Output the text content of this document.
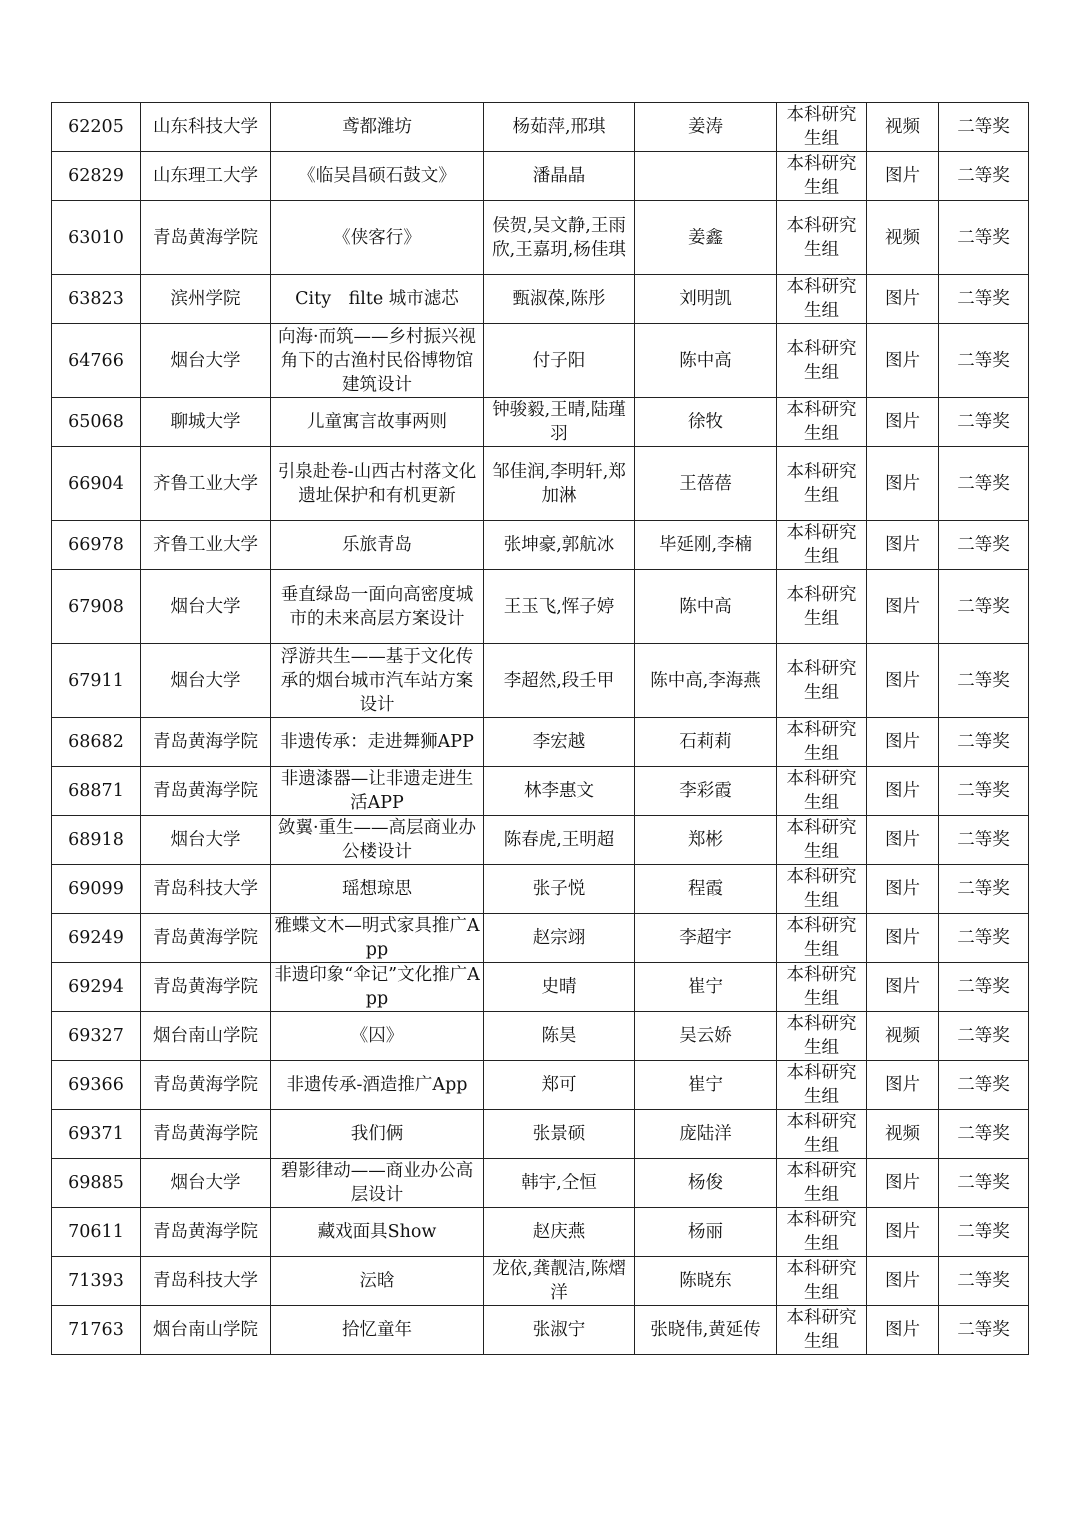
62205	山东科技大学	鸢都潍坊	杨茹萍,邢琪	姜涛	本科研究生组	视频	二等奖
62829	山东理工大学	《临吴昌硕石鼓文》	潘晶晶		本科研究生组	图片	二等奖
63010	青岛黄海学院	《侠客行》	侯贺,吴文静,王雨欣,王嘉玥,杨佳琪	姜鑫	本科研究生组	视频	二等奖
63823	滨州学院	City　filte 城市滤芯	甄淑葆,陈彤	刘明凯	本科研究生组	图片	二等奖
64766	烟台大学	向海·而筑——乡村振兴视角下的古渔村民俗博物馆建筑设计	付子阳	陈中高	本科研究生组	图片	二等奖
65068	聊城大学	儿童寓言故事两则	钟骏毅,王晴,陆瑾羽	徐牧	本科研究生组	图片	二等奖
66904	齐鲁工业大学	引泉赴卷-山西古村落文化遗址保护和有机更新	邹佳润,李明轩,郑加淋	王蓓蓓	本科研究生组	图片	二等奖
66978	齐鲁工业大学	乐旅青岛	张坤豪,郭航冰	毕延刚,李楠	本科研究生组	图片	二等奖
67908	烟台大学	垂直绿岛一面向高密度城市的未来高层方案设计	王玉飞,恽子婷	陈中高	本科研究生组	图片	二等奖
67911	烟台大学	浮游共生——基于文化传承的烟台城市汽车站方案设计	李超然,段壬甲	陈中高,李海燕	本科研究生组	图片	二等奖
68682	青岛黄海学院	非遗传承：走进舞狮APP	李宏越	石莉莉	本科研究生组	图片	二等奖
68871	青岛黄海学院	非遗漆器—让非遗走进生活APP	林李惠文	李彩霞	本科研究生组	图片	二等奖
68918	烟台大学	敛翼·重生——高层商业办公楼设计	陈春虎,王明超	郑彬	本科研究生组	图片	二等奖
69099	青岛科技大学	瑶想琼思	张子悦	程霞	本科研究生组	图片	二等奖
69249	青岛黄海学院	雅蝶文木—明式家具推广App	赵宗翊	李超宇	本科研究生组	图片	二等奖
69294	青岛黄海学院	非遗印象“伞记”文化推广App	史晴	崔宁	本科研究生组	图片	二等奖
69327	烟台南山学院	《囚》	陈昊	吴云娇	本科研究生组	视频	二等奖
69366	青岛黄海学院	非遗传承-酒造推广App	郑可	崔宁	本科研究生组	图片	二等奖
69371	青岛黄海学院	我们俩	张景硕	庞陆洋	本科研究生组	视频	二等奖
69885	烟台大学	碧影律动——商业办公高层设计	韩宇,仝恒	杨俊	本科研究生组	图片	二等奖
70611	青岛黄海学院	藏戏面具Show	赵庆燕	杨丽	本科研究生组	图片	二等奖
71393	青岛科技大学	沄晗	龙依,龚靓洁,陈熠洋	陈晓东	本科研究生组	图片	二等奖
71763	烟台南山学院	拾忆童年	张淑宁	张晓伟,黄延传	本科研究生组	图片	二等奖
